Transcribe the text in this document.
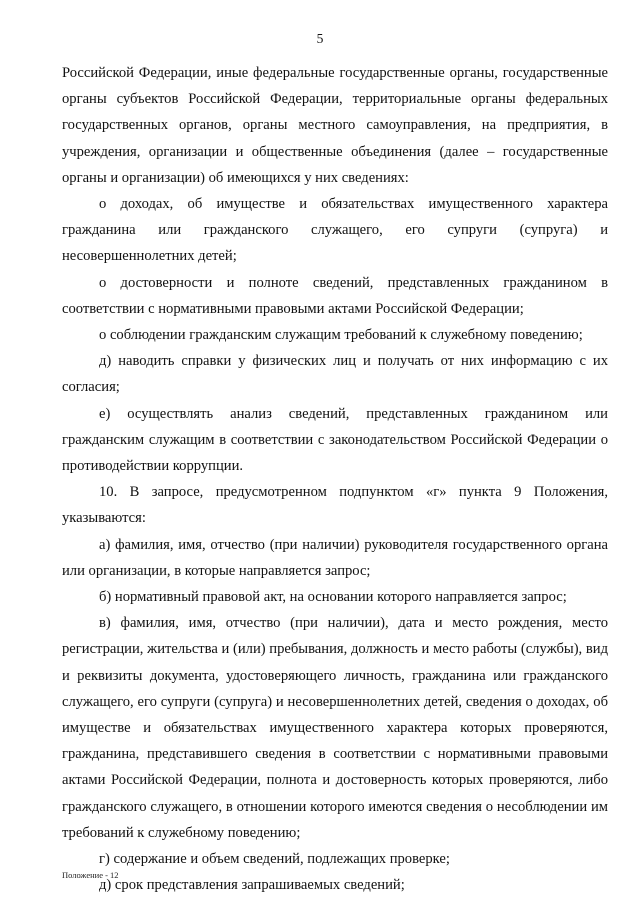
5

Российской Федерации, иные федеральные государственные органы, государственные органы субъектов Российской Федерации, территориальные органы федеральных государственных органов, органы местного самоуправления, на предприятия, в учреждения, организации и общественные объединения (далее – государственные органы и организации) об имеющихся у них сведениях:

о доходах, об имуществе и обязательствах имущественного характера гражданина или гражданского служащего, его супруги (супруга) и несовершеннолетних детей;

о достоверности и полноте сведений, представленных гражданином в соответствии с нормативными правовыми актами Российской Федерации;

о соблюдении гражданским служащим требований к служебному поведению;

д) наводить справки у физических лиц и получать от них информацию с их согласия;

е) осуществлять анализ сведений, представленных гражданином или гражданским служащим в соответствии с законодательством Российской Федерации о противодействии коррупции.

10. В запросе, предусмотренном подпунктом «г» пункта 9 Положения, указываются:

а) фамилия, имя, отчество (при наличии) руководителя государственного органа или организации, в которые направляется запрос;

б) нормативный правовой акт, на основании которого направляется запрос;

в) фамилия, имя, отчество (при наличии), дата и место рождения, место регистрации, жительства и (или) пребывания, должность и место работы (службы), вид и реквизиты документа, удостоверяющего личность, гражданина или гражданского служащего, его супруги (супруга) и несовершеннолетних детей, сведения о доходах, об имуществе и обязательствах имущественного характера которых проверяются, гражданина, представившего сведения в соответствии с нормативными правовыми актами Российской Федерации, полнота и достоверность которых проверяются, либо гражданского служащего, в отношении которого имеются сведения о несоблюдении им требований к служебному поведению;

г) содержание и объем сведений, подлежащих проверке;

д) срок представления запрашиваемых сведений;

Положение - 12
